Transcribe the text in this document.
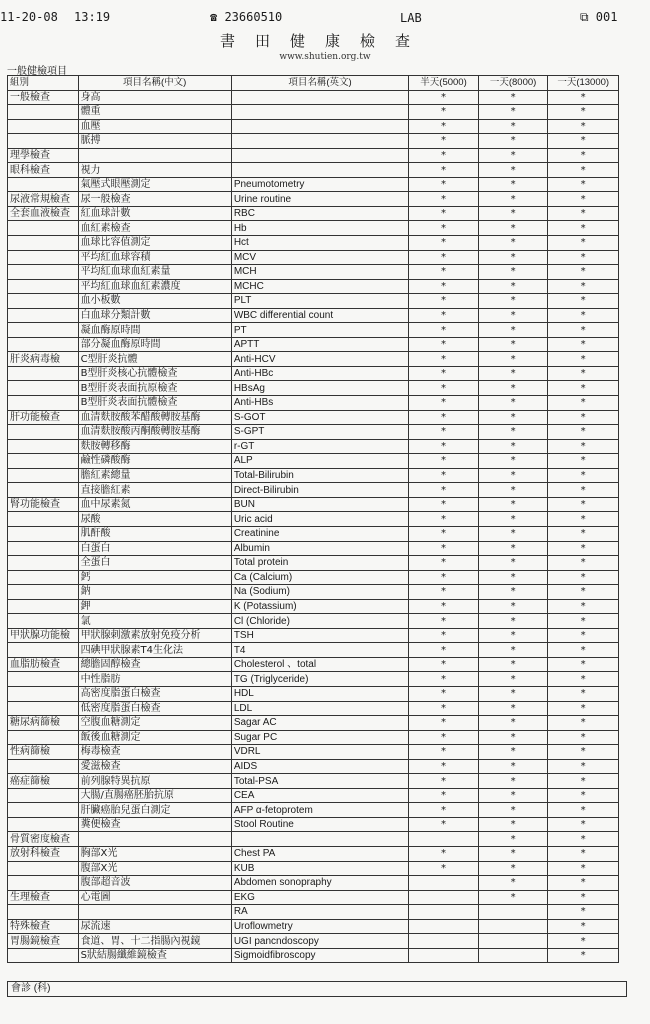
11-20-08 13:19	☎ 23660510	LAB	⧉ 001
書田健康檢查
www.shutien.org.tw
一般健檢項目
組別	項目名稱(中文)	項目名稱(英文)	半天(5000)	一天(8000)	一天(13000)
一般檢查	身高		*	*	*
	體重		*	*	*
	血壓		*	*	*
	脈搏		*	*	*
理學檢查			*	*	*
眼科檢查	視力		*	*	*
	氣壓式眼壓測定	Pneumotometry	*	*	*
尿液常規檢查	尿一般檢查	Urine routine	*	*	*
全套血液檢查	紅血球計數	RBC	*	*	*
	血紅素檢查	Hb	*	*	*
	血球比容值測定	Hct	*	*	*
	平均紅血球容積	MCV	*	*	*
	平均紅血球血紅素量	MCH	*	*	*
	平均紅血球血紅素濃度	MCHC	*	*	*
	血小板數	PLT	*	*	*
	白血球分類計數	WBC differential count	*	*	*
	凝血酶原時間	PT	*	*	*
	部分凝血酶原時間	APTT	*	*	*
肝炎病毒檢	C型肝炎抗體	Anti-HCV	*	*	*
	B型肝炎核心抗體檢查	Anti-HBc	*	*	*
	B型肝炎表面抗原檢查	HBsAg	*	*	*
	B型肝炎表面抗體檢查	Anti-HBs	*	*	*
肝功能檢查	血清麩胺酸苯醋酸轉胺基酶	S-GOT	*	*	*
	血清麩胺酸丙酮酸轉胺基酶	S-GPT	*	*	*
	麩胺轉移酶	r-GT	*	*	*
	鹼性磷酸酶	ALP	*	*	*
	膽紅素總量	Total-Bilirubin	*	*	*
	直接膽紅素	Direct-Bilirubin	*	*	*
腎功能檢查	血中尿素氮	BUN	*	*	*
	尿酸	Uric acid	*	*	*
	肌酐酸	Creatinine	*	*	*
	白蛋白	Albumin	*	*	*
	全蛋白	Total protein	*	*	*
	鈣	Ca (Calcium)	*	*	*
	鈉	Na (Sodium)	*	*	*
	鉀	K (Potassium)	*	*	*
	氯	Cl (Chloride)	*	*	*
甲狀腺功能檢	甲狀腺刺激素放射免疫分析	TSH	*	*	*
	四碘甲狀腺素T4生化法	T4	*	*	*
血脂肪檢查	總膽固醇檢查	Cholesterol 、total	*	*	*
	中性脂肪	TG (Triglyceride)	*	*	*
	高密度脂蛋白檢查	HDL	*	*	*
	低密度脂蛋白檢查	LDL	*	*	*
糖尿病篩檢	空腹血糖測定	Sagar AC	*	*	*
	飯後血糖測定	Sugar PC	*	*	*
性病篩檢	梅毒檢查	VDRL	*	*	*
	愛滋檢查	AIDS	*	*	*
癌症篩檢	前列腺特異抗原	Total-PSA	*	*	*
	大腸/直腸癌胚胎抗原	CEA	*	*	*
	肝臟癌胎兒蛋白測定	AFP α-fetoprotem	*	*	*
	糞便檢查	Stool Routine	*	*	*
骨質密度檢查				*	*
放射科檢查	胸部X光	Chest PA	*	*	*
	腹部X光	KUB	*	*	*
	腹部超音波	Abdomen sonopraphy		*	*
生理檢查	心電圖	EKG		*	*
		RA			*
特殊檢查	尿流速	Uroflowmetry			*
胃腸鏡檢查	食道、胃、十二指腸內視鏡	UGI pancndoscopy			*
	S狀結腸纖維鏡檢查	Sigmoidfibroscopy			*
會診 (科)
